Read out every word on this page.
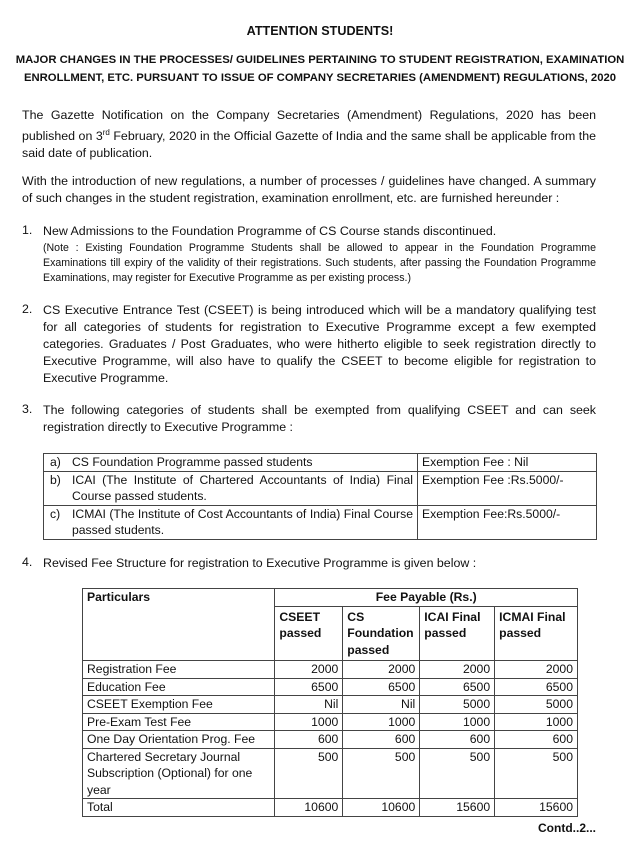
ATTENTION STUDENTS!
MAJOR CHANGES IN THE PROCESSES/ GUIDELINES PERTAINING TO STUDENT REGISTRATION, EXAMINATION
ENROLLMENT, ETC. PURSUANT TO ISSUE OF COMPANY SECRETARIES (AMENDMENT) REGULATIONS, 2020
The Gazette Notification on the Company Secretaries (Amendment) Regulations, 2020 has been published on 3rd February, 2020 in the Official Gazette of India and the same shall be applicable from the said date of publication.
With the introduction of new regulations, a number of processes / guidelines have changed. A summary of such changes in the student registration, examination enrollment, etc. are furnished hereunder :
1. New Admissions to the Foundation Programme of CS Course stands discontinued.
(Note : Existing Foundation Programme Students shall be allowed to appear in the Foundation Programme Examinations till expiry of the validity of their registrations. Such students, after passing the Foundation Programme Examinations, may register for Executive Programme as per existing process.)
2. CS Executive Entrance Test (CSEET) is being introduced which will be a mandatory qualifying test for all categories of students for registration to Executive Programme except a few exempted categories. Graduates / Post Graduates, who were hitherto eligible to seek registration directly to Executive Programme, will also have to qualify the CSEET to become eligible for registration to Executive Programme.
3. The following categories of students shall be exempted from qualifying CSEET and can seek registration directly to Executive Programme :
a) CS Foundation Programme passed students	Exemption Fee : Nil

b) ICAI (The Institute of Chartered Accountants of India) Final Course passed students.	Exemption Fee :Rs.5000/-

c) ICMAI (The Institute of Cost Accountants of India) Final Course passed students.	Exemption Fee:Rs.5000/-
4. Revised Fee Structure for registration to Executive Programme is given below :
Particulars	Fee Payable (Rs.)			
	CSEET passed	CS Foundation passed	ICAI Final passed	ICMAI Final passed
Registration Fee	2000	2000	2000	2000
Education Fee	6500	6500	6500	6500
CSEET Exemption Fee	Nil	Nil	5000	5000
Pre-Exam Test Fee	1000	1000	1000	1000
One Day Orientation Prog. Fee	600	600	600	600
Chartered Secretary Journal Subscription (Optional) for one year	500	500	500	500
Total	10600	10600	15600	15600
Contd..2...
